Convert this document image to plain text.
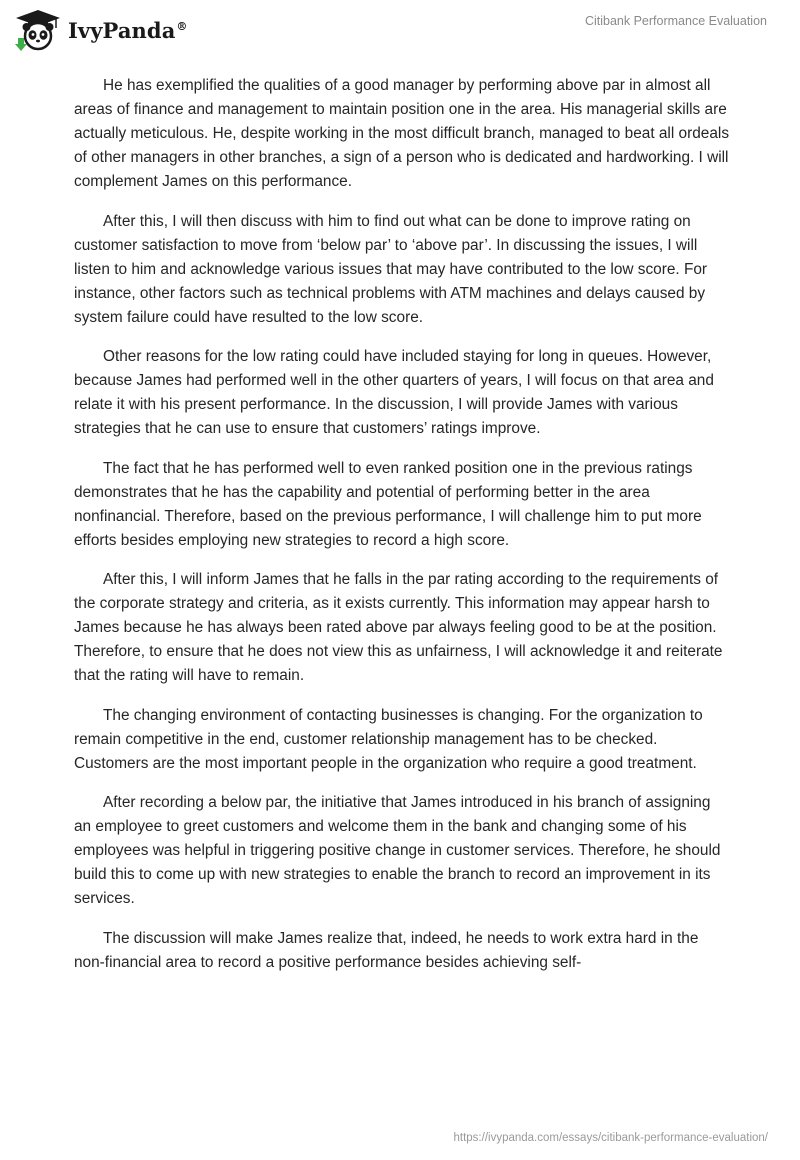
IvyPanda®	Citibank Performance Evaluation

He has exemplified the qualities of a good manager by performing above par in almost all areas of finance and management to maintain position one in the area. His managerial skills are actually meticulous. He, despite working in the most difficult branch, managed to beat all ordeals of other managers in other branches, a sign of a person who is dedicated and hardworking. I will complement James on this performance.

After this, I will then discuss with him to find out what can be done to improve rating on customer satisfaction to move from ‘below par’ to ‘above par’. In discussing the issues, I will listen to him and acknowledge various issues that may have contributed to the low score. For instance, other factors such as technical problems with ATM machines and delays caused by system failure could have resulted to the low score.

Other reasons for the low rating could have included staying for long in queues. However, because James had performed well in the other quarters of years, I will focus on that area and relate it with his present performance. In the discussion, I will provide James with various strategies that he can use to ensure that customers’ ratings improve.

The fact that he has performed well to even ranked position one in the previous ratings demonstrates that he has the capability and potential of performing better in the area nonfinancial. Therefore, based on the previous performance, I will challenge him to put more efforts besides employing new strategies to record a high score.

After this, I will inform James that he falls in the par rating according to the requirements of the corporate strategy and criteria, as it exists currently. This information may appear harsh to James because he has always been rated above par always feeling good to be at the position. Therefore, to ensure that he does not view this as unfairness, I will acknowledge it and reiterate that the rating will have to remain.

The changing environment of contacting businesses is changing. For the organization to remain competitive in the end, customer relationship management has to be checked. Customers are the most important people in the organization who require a good treatment.

After recording a below par, the initiative that James introduced in his branch of assigning an employee to greet customers and welcome them in the bank and changing some of his employees was helpful in triggering positive change in customer services. Therefore, he should build this to come up with new strategies to enable the branch to record an improvement in its services.

The discussion will make James realize that, indeed, he needs to work extra hard in the non-financial area to record a positive performance besides achieving self-

https://ivypanda.com/essays/citibank-performance-evaluation/
